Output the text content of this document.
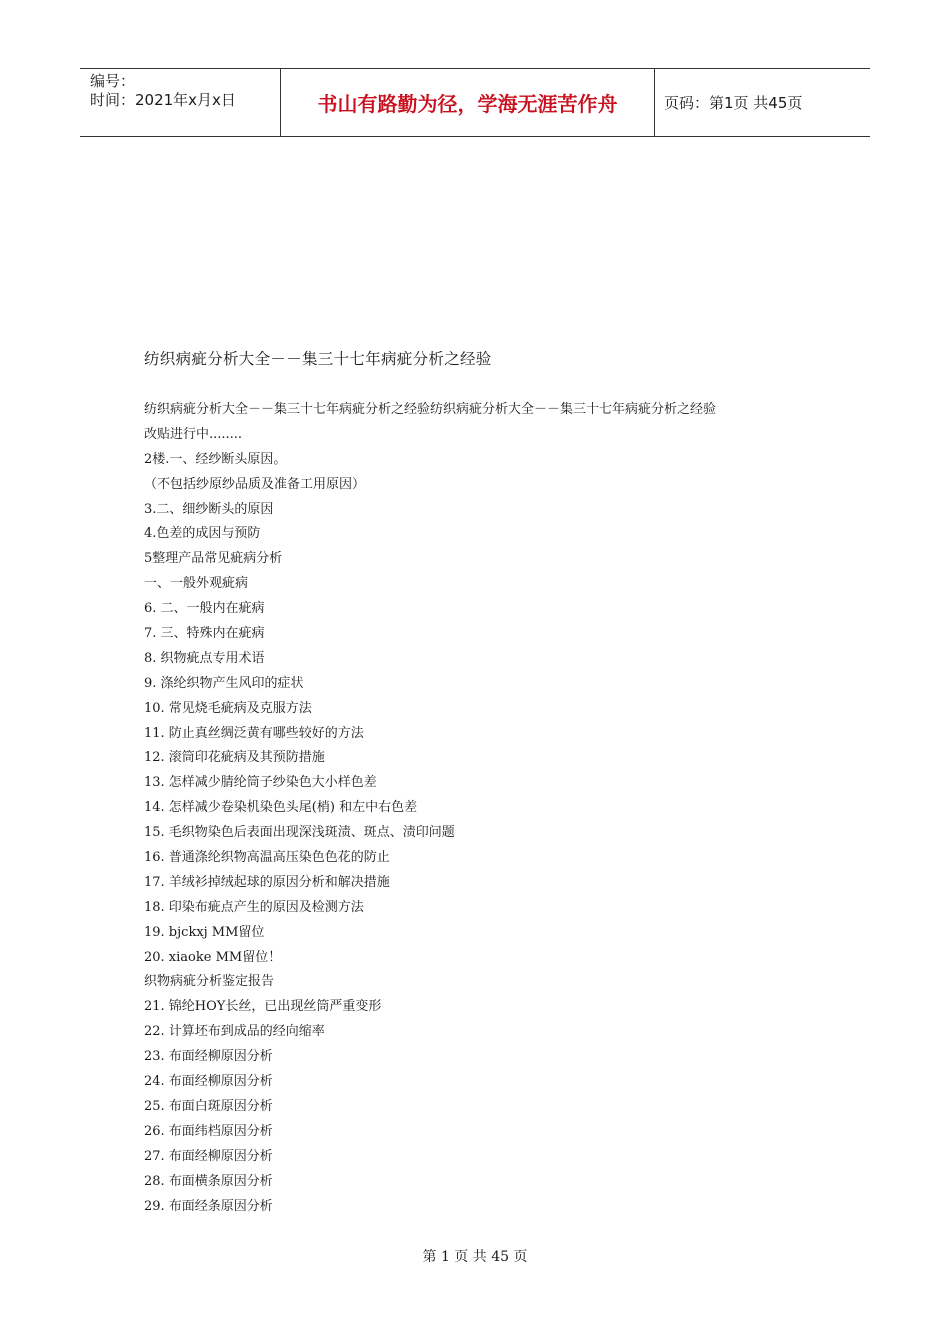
编号：
时间：2021年x月x日	书山有路勤为径，学海无涯苦作舟	页码：第1页 共45页
纺织病疵分析大全－－集三十七年病疵分析之经验
纺织病疵分析大全－－集三十七年病疵分析之经验纺织病疵分析大全－－集三十七年病疵分析之经验
改贴进行中........
2楼.一、经纱断头原因。
（不包括纱原纱品质及准备工用原因）
3.二、细纱断头的原因
4.色差的成因与预防
5整理产品常见疵病分析
一、一般外观疵病
6. 二、一般内在疵病
7. 三、特殊内在疵病
8. 织物疵点专用术语
9. 涤纶织物产生风印的症状
10. 常见烧毛疵病及克服方法
11. 防止真丝绸泛黄有哪些较好的方法
12. 滚筒印花疵病及其预防措施
13. 怎样减少腈纶筒子纱染色大小样色差
14. 怎样减少卷染机染色头尾(梢) 和左中右色差
15. 毛织物染色后表面出现深浅斑渍、斑点、渍印问题
16. 普通涤纶织物高温高压染色色花的防止
17. 羊绒衫掉绒起球的原因分析和解决措施
18. 印染布疵点产生的原因及检测方法
19. bjckxj MM留位
20. xiaoke MM留位！
织物病疵分析鉴定报告
21. 锦纶HOY长丝，已出现丝筒严重变形
22. 计算坯布到成品的经向缩率
23. 布面经柳原因分析
24. 布面经柳原因分析
25. 布面白斑原因分析
26. 布面纬档原因分析
27. 布面经柳原因分析
28. 布面横条原因分析
29. 布面经条原因分析
第 1 页 共 45 页
